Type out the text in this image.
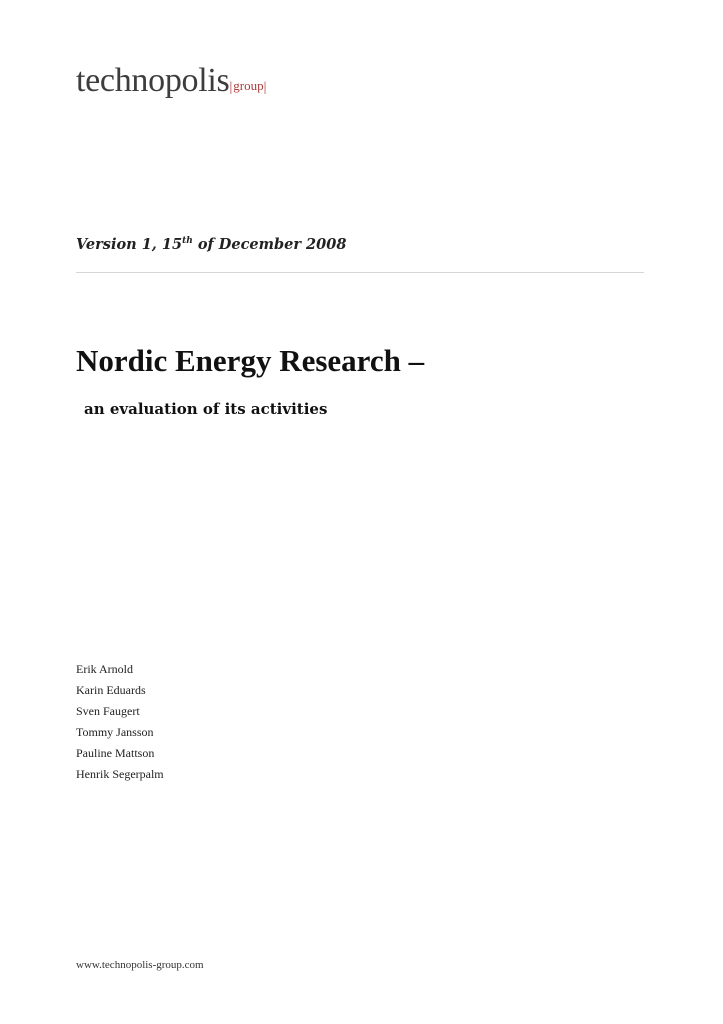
technopolis|group|
Version 1, 15th of December 2008
Nordic Energy Research –
an evaluation of its activities
Erik Arnold
Karin Eduards
Sven Faugert
Tommy Jansson
Pauline Mattson
Henrik Segerpalm
www.technopolis-group.com
